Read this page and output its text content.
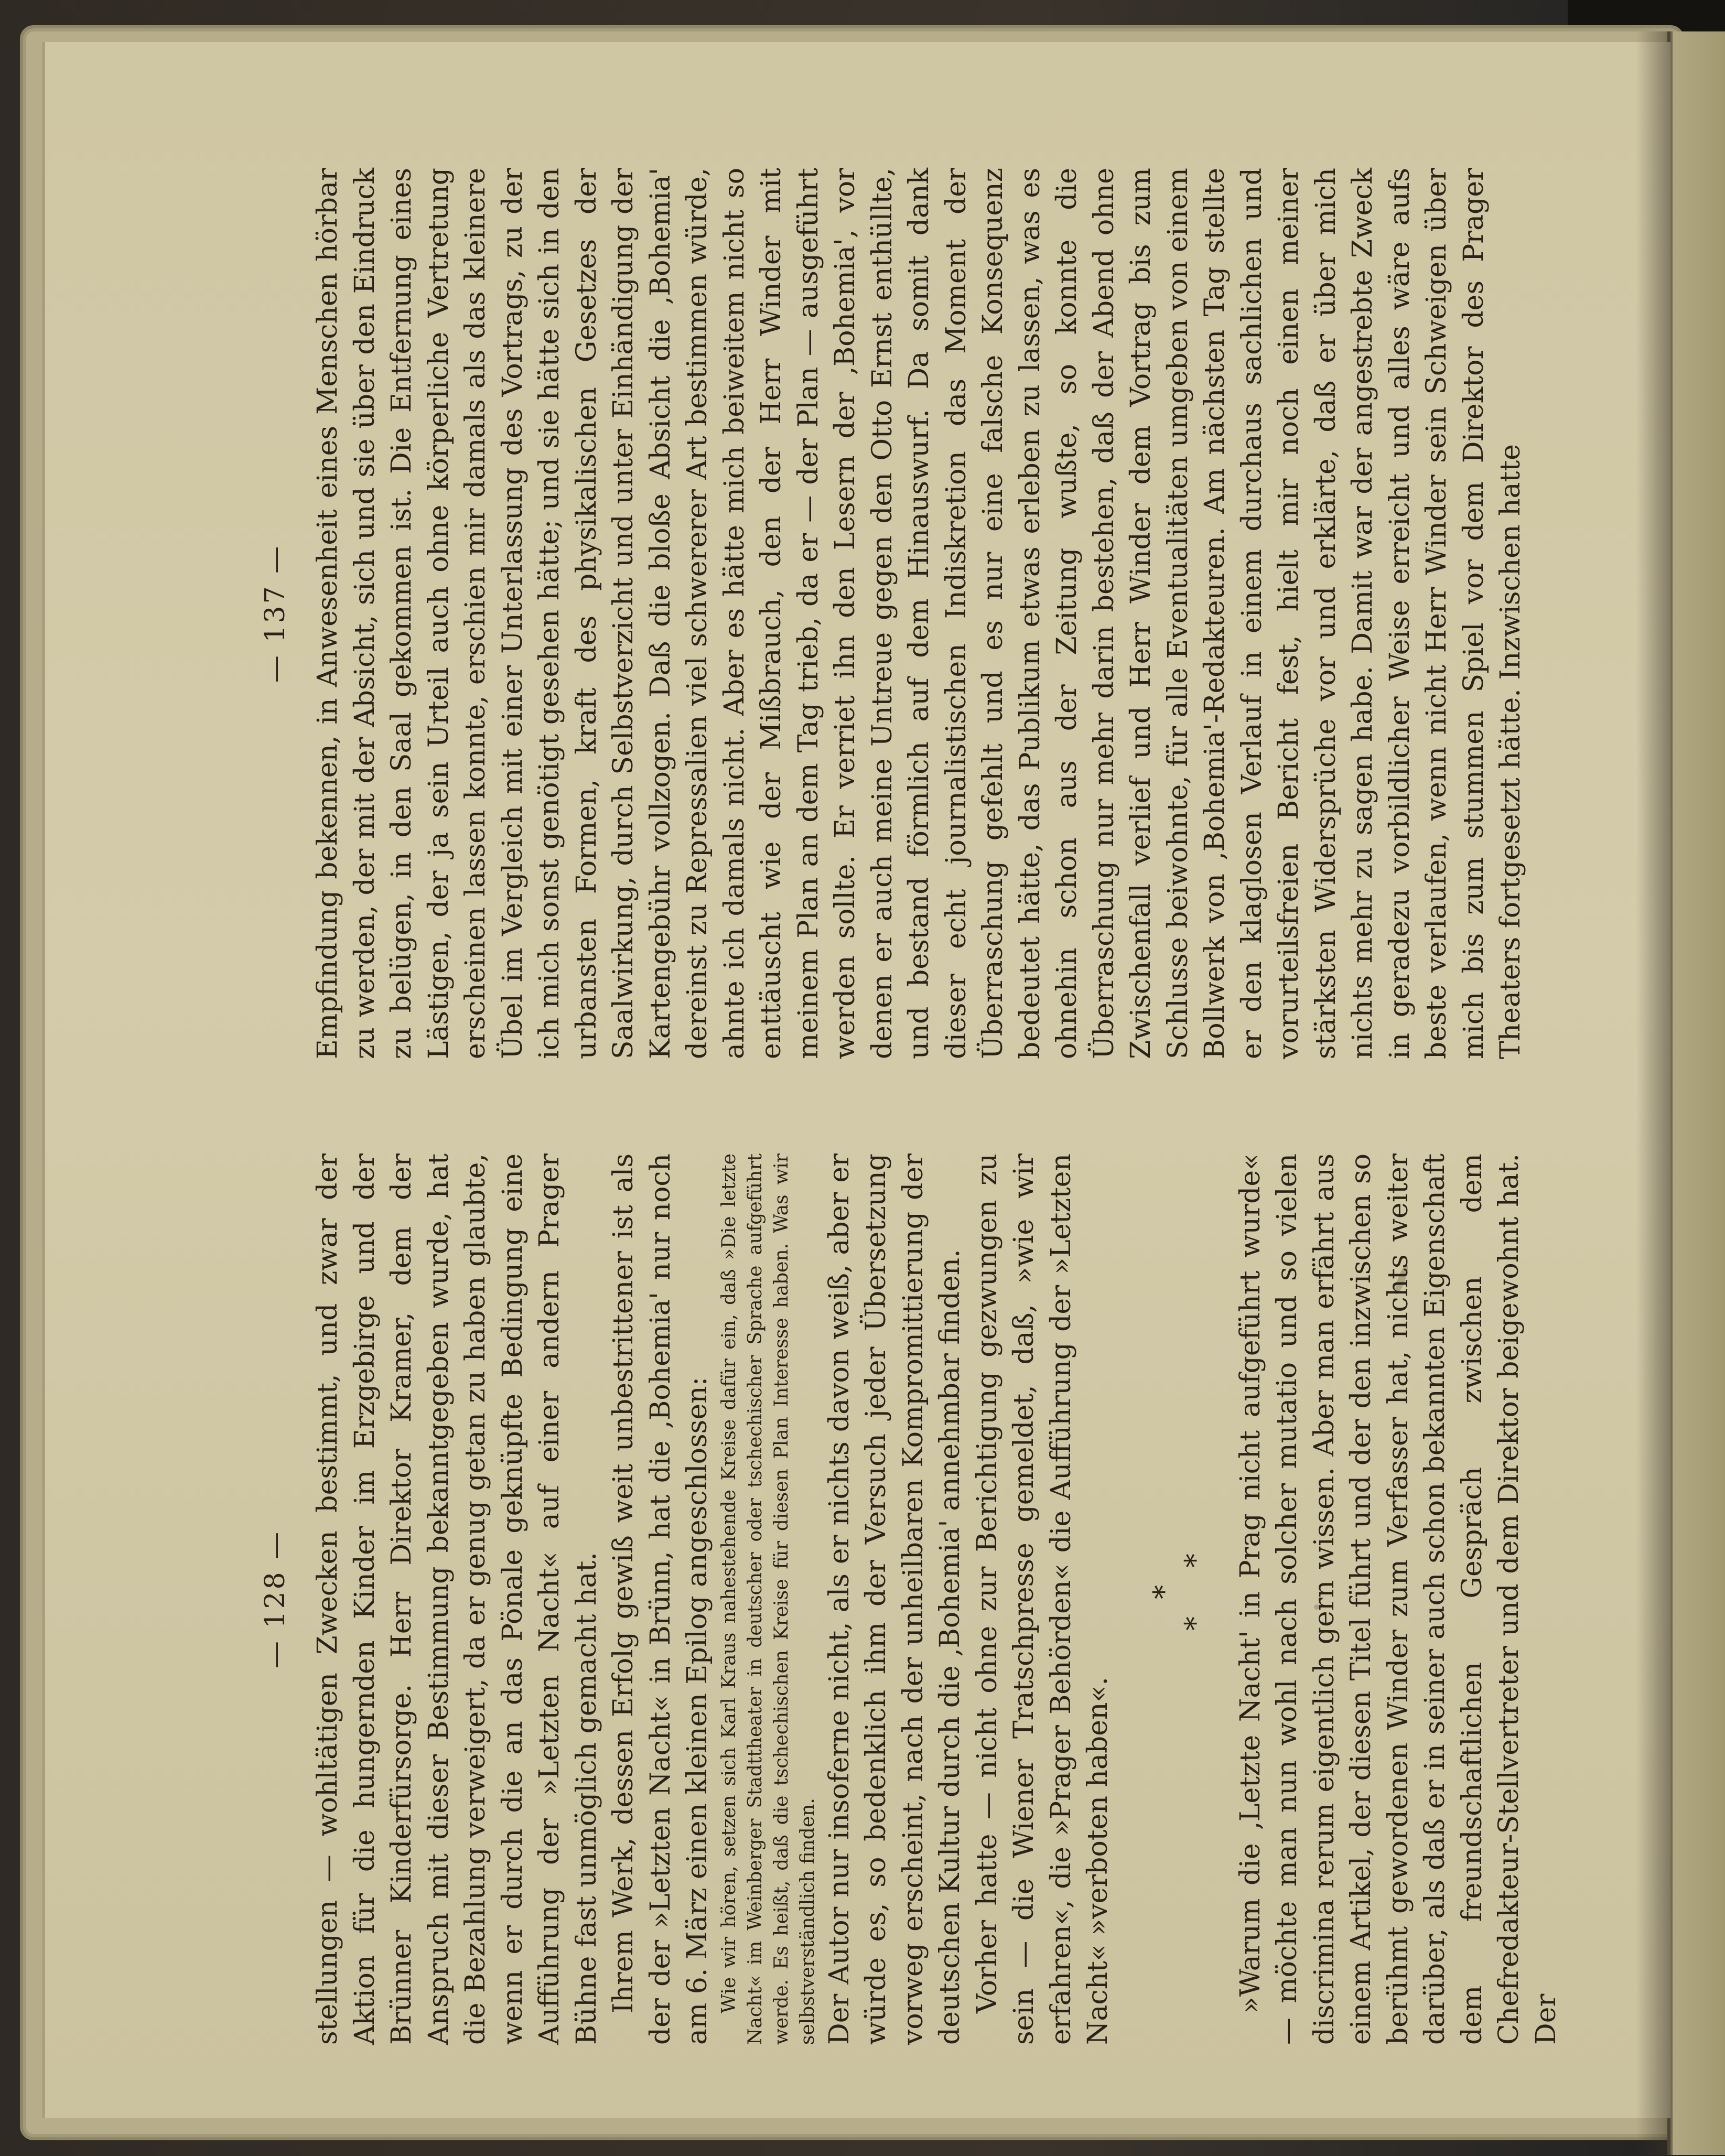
— 128 — stellungen — wohltätigen Zwecken bestimmt, und zwar der Aktion für die hungernden Kinder im Erzgebirge und der Brünner Kinderfürsorge. Herr Direktor Kramer, dem der Anspruch mit dieser Bestimmung bekanntgegeben wurde, hat die Bezahlung verweigert, da er genug getan zu haben glaubte, wenn er durch die an das Pönale geknüpfte Bedingung eine Aufführung der »Letzten Nacht« auf einer andern Prager Bühne fast unmöglich gemacht hat. Ihrem Werk, dessen Erfolg gewiß weit unbestrittener ist als der der »Letzten Nacht« in Brünn, hat die ‚Bohemia' nur noch am 6. März einen kleinen Epilog angeschlossen: Wie wir hören, setzen sich Karl Kraus nahestehende Kreise dafür ein, daß »Die letzte Nacht« im Weinberger Stadttheater in deutscher oder tschechischer Sprache aufgeführt werde. Es heißt, daß die tschechischen Kreise für diesen Plan Interesse haben. Was wir selbstverständlich finden. Der Autor nur insoferne nicht, als er nichts davon weiß, aber er würde es, so bedenklich ihm der Versuch jeder Übersetzung vorweg erscheint, nach der unheilbaren Kompromittierung der deutschen Kultur durch die ‚Bohemia' annehmbar finden. Vorher hatte — nicht ohne zur Berichtigung gezwungen zu sein — die Wiener Tratschpresse gemeldet, daß, »wie wir erfahren«, die »Prager Behörden« die Aufführung der »Letzten Nacht« »verboten haben«.

*
*
* »Warum die ‚Letzte Nacht' in Prag nicht aufgeführt wurde« — möchte man nun wohl nach solcher mutatio und so vielen discrimina rerum eigentlich gern wissen. Aber man erfährt aus einem Artikel, der diesen Titel führt und der den inzwischen so berühmt gewordenen Winder zum Verfasser hat, nichts weiter darüber, als daß er in seiner auch schon bekannten Eigenschaft dem freundschaftlichen Gespräch zwischen dem Chefredakteur-Stellvertreter und dem Direktor beigewohnt hat. Der

— 137 — Empfindung bekennen, in Anwesenheit eines Menschen hörbar zu werden, der mit der Absicht, sich und sie über den Eindruck zu belügen, in den Saal gekommen ist. Die Entfernung eines Lästigen, der ja sein Urteil auch ohne körperliche Vertretung erscheinen lassen konnte, erschien mir damals als das kleinere Übel im Vergleich mit einer Unterlassung des Vortrags, zu der ich mich sonst genötigt gesehen hätte; und sie hätte sich in den urbansten Formen, kraft des physikalischen Gesetzes der Saalwirkung, durch Selbstverzicht und unter Einhändigung der Kartengebühr vollzogen. Daß die bloße Absicht die ‚Bohemia' dereinst zu Repressalien viel schwererer Art bestimmen würde, ahnte ich damals nicht. Aber es hätte mich beiweitem nicht so enttäuscht wie der Mißbrauch, den der Herr Winder mit meinem Plan an dem Tag trieb, da er — der Plan — ausgeführt werden sollte. Er verriet ihn den Lesern der ‚Bohemia', vor denen er auch meine Untreue gegen den Otto Ernst enthüllte, und bestand förmlich auf dem Hinauswurf. Da somit dank dieser echt journalistischen Indiskretion das Moment der Überraschung gefehlt und es nur eine falsche Konsequenz bedeutet hätte, das Publikum etwas erleben zu lassen, was es ohnehin schon aus der Zeitung wußte, so konnte die Überraschung nur mehr darin bestehen, daß der Abend ohne Zwischenfall verlief und Herr Winder dem Vortrag bis zum Schlusse beiwohnte, für alle Eventualitäten umgeben von einem Bollwerk von ‚Bohemia'-Redakteuren. Am nächsten Tag stellte er den klaglosen Verlauf in einem durchaus sachlichen und vorurteilsfreien Bericht fest, hielt mir noch einen meiner stärksten Widersprüche vor und erklärte, daß er über mich nichts mehr zu sagen habe. Damit war der angestrebte Zweck in geradezu vorbildlicher Weise erreicht und alles wäre aufs beste verlaufen, wenn nicht Herr Winder sein Schweigen über mich bis zum stummen Spiel vor dem Direktor des Prager Theaters fortgesetzt hätte. Inzwischen hatte
